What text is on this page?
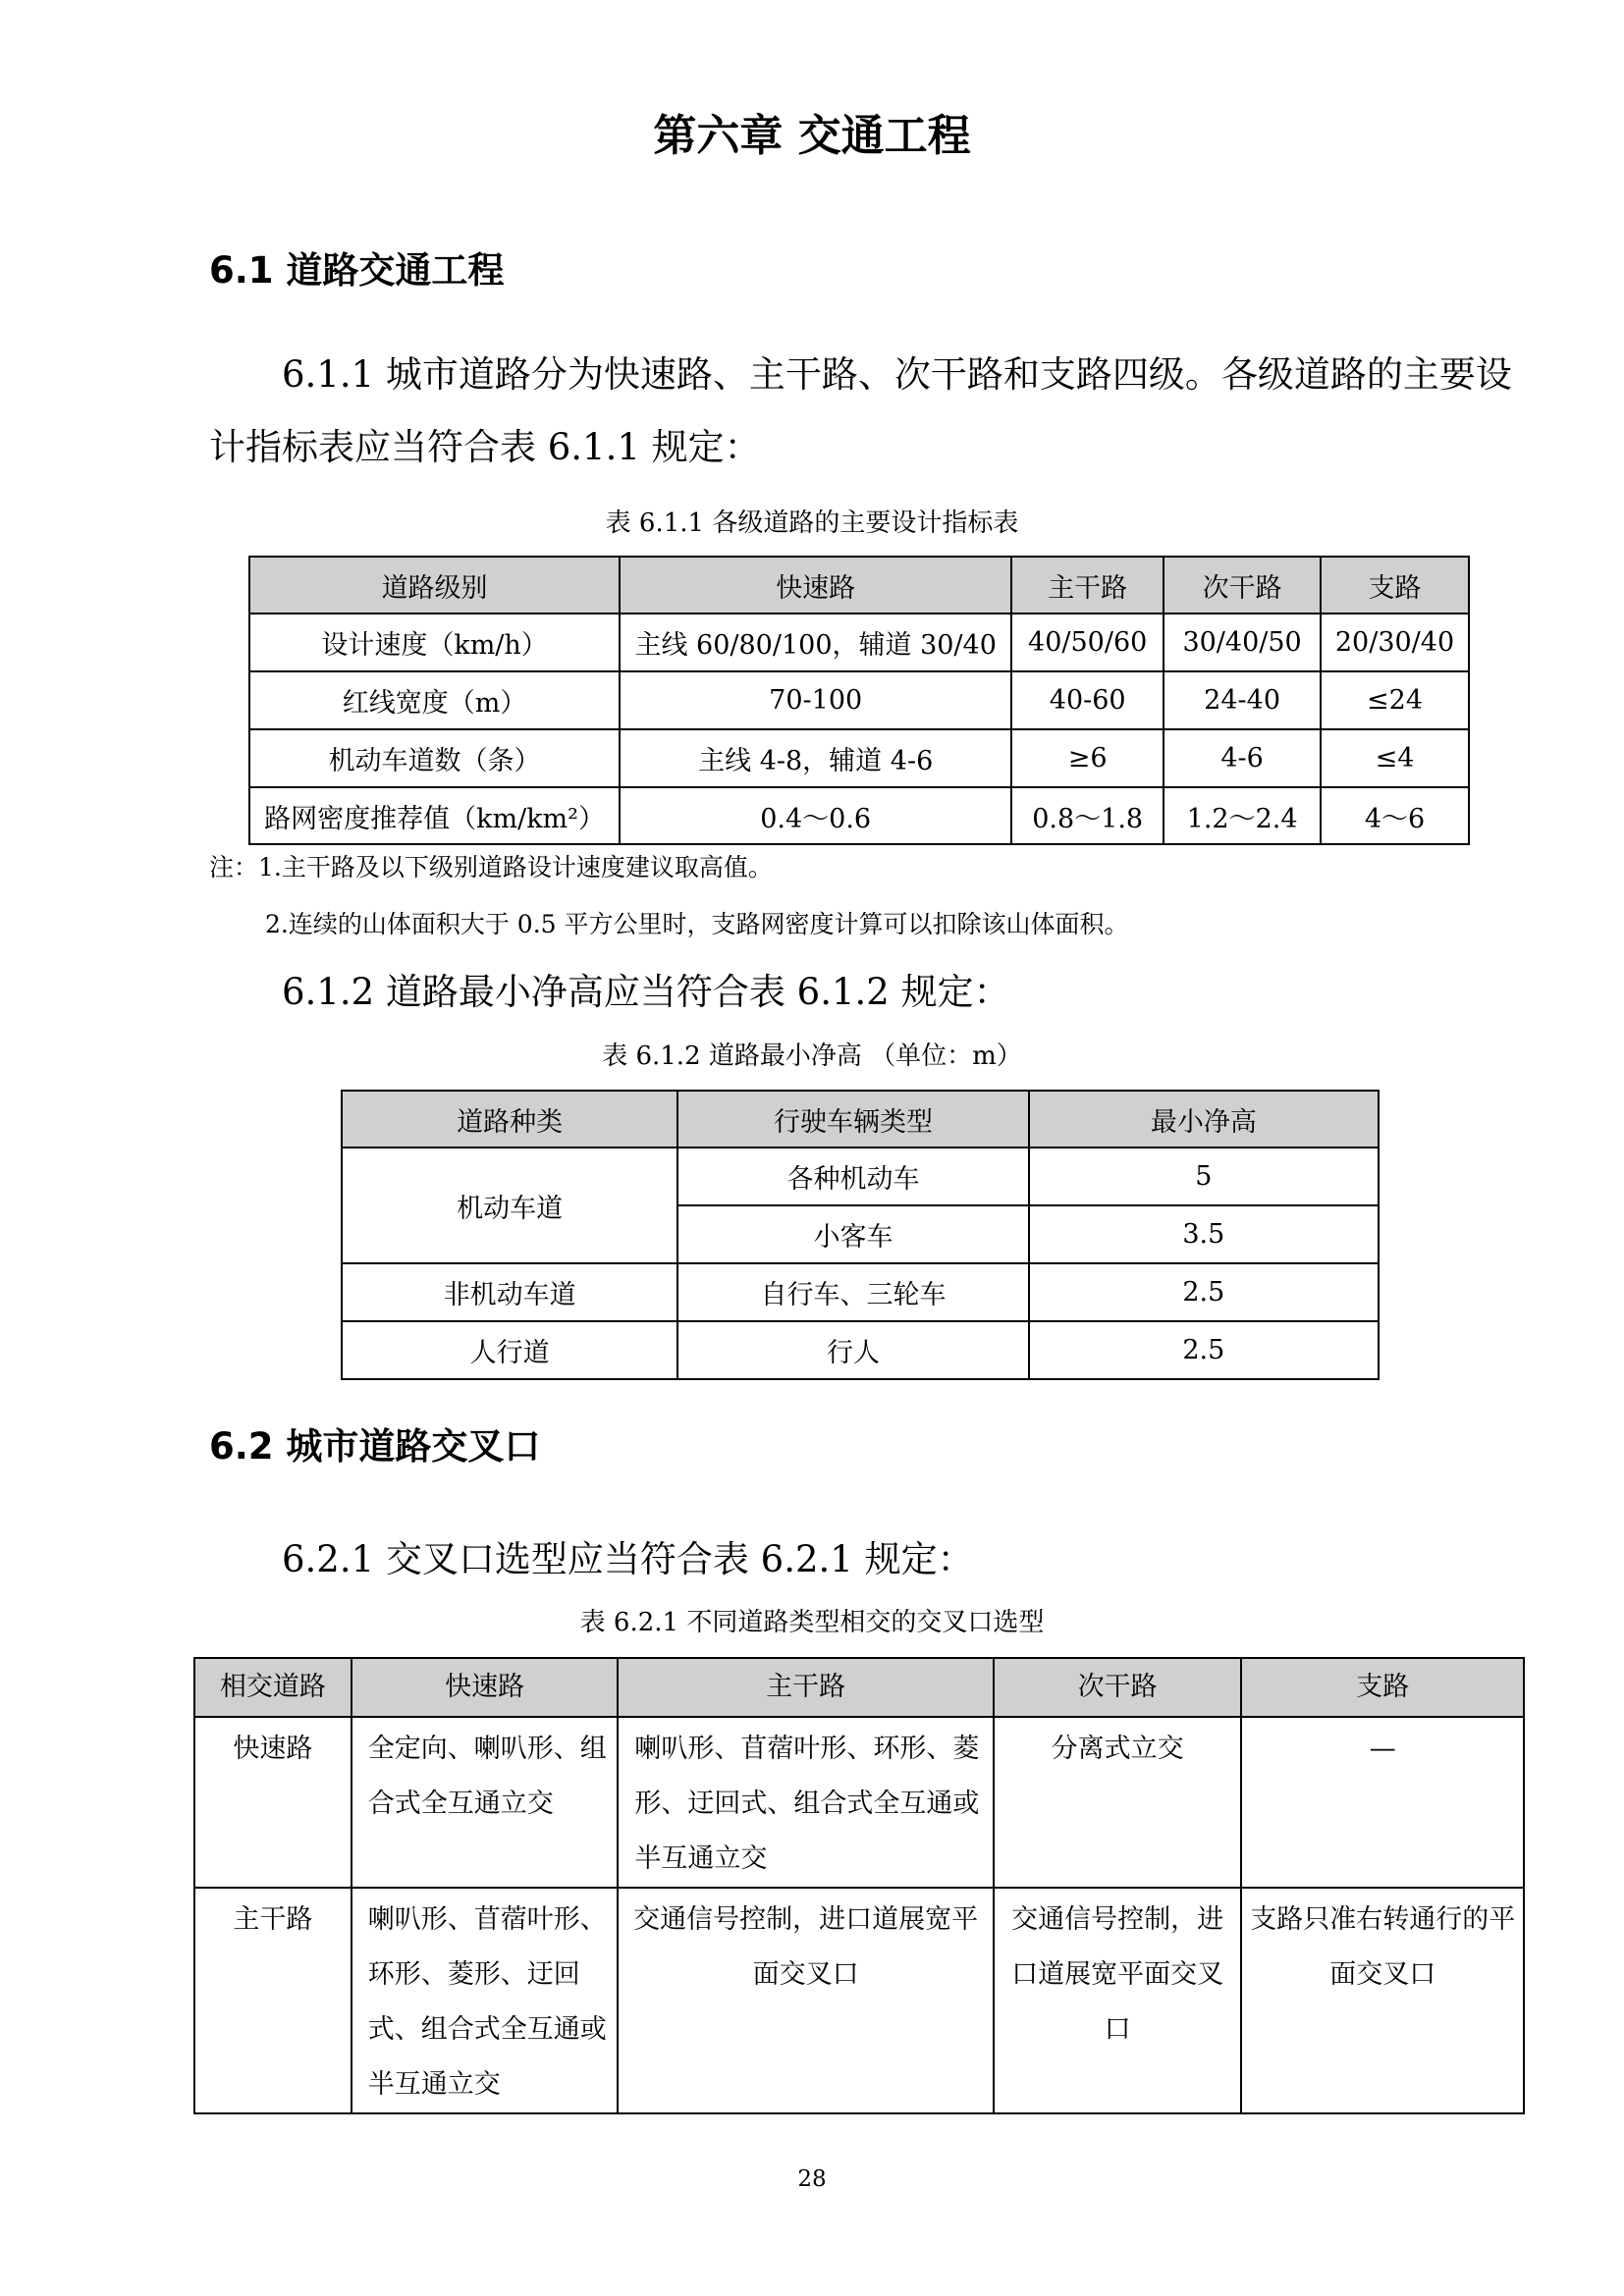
第六章 交通工程
6.1 道路交通工程
6.1.1 城市道路分为快速路、主干路、次干路和支路四级。各级道路的主要设计指标表应当符合表 6.1.1 规定：
表 6.1.1 各级道路的主要设计指标表
道路级别	快速路	主干路	次干路	支路
设计速度（km/h）	主线 60/80/100，辅道 30/40	40/50/60	30/40/50	20/30/40
红线宽度（m）	70-100	40-60	24-40	≤24
机动车道数（条）	主线 4-8，辅道 4-6	≥6	4-6	≤4
路网密度推荐值（km/km²）	0.4～0.6	0.8～1.8	1.2～2.4	4～6
注：1.主干路及以下级别道路设计速度建议取高值。
2.连续的山体面积大于 0.5 平方公里时，支路网密度计算可以扣除该山体面积。
6.1.2 道路最小净高应当符合表 6.1.2 规定：
表 6.1.2 道路最小净高 （单位：m）
道路种类	行驶车辆类型	最小净高
机动车道	各种机动车	5
	小客车	3.5
非机动车道	自行车、三轮车	2.5
人行道	行人	2.5
6.2 城市道路交叉口
6.2.1 交叉口选型应当符合表 6.2.1 规定：
表 6.2.1 不同道路类型相交的交叉口选型
相交道路	快速路	主干路	次干路	支路
快速路	全定向、喇叭形、组合式全互通立交	喇叭形、苜蓿叶形、环形、菱形、迂回式、组合式全互通或半互通立交	分离式立交	—
主干路	喇叭形、苜蓿叶形、环形、菱形、迂回式、组合式全互通或半互通立交	交通信号控制，进口道展宽平面交叉口	交通信号控制，进口道展宽平面交叉口	支路只准右转通行的平面交叉口
28
